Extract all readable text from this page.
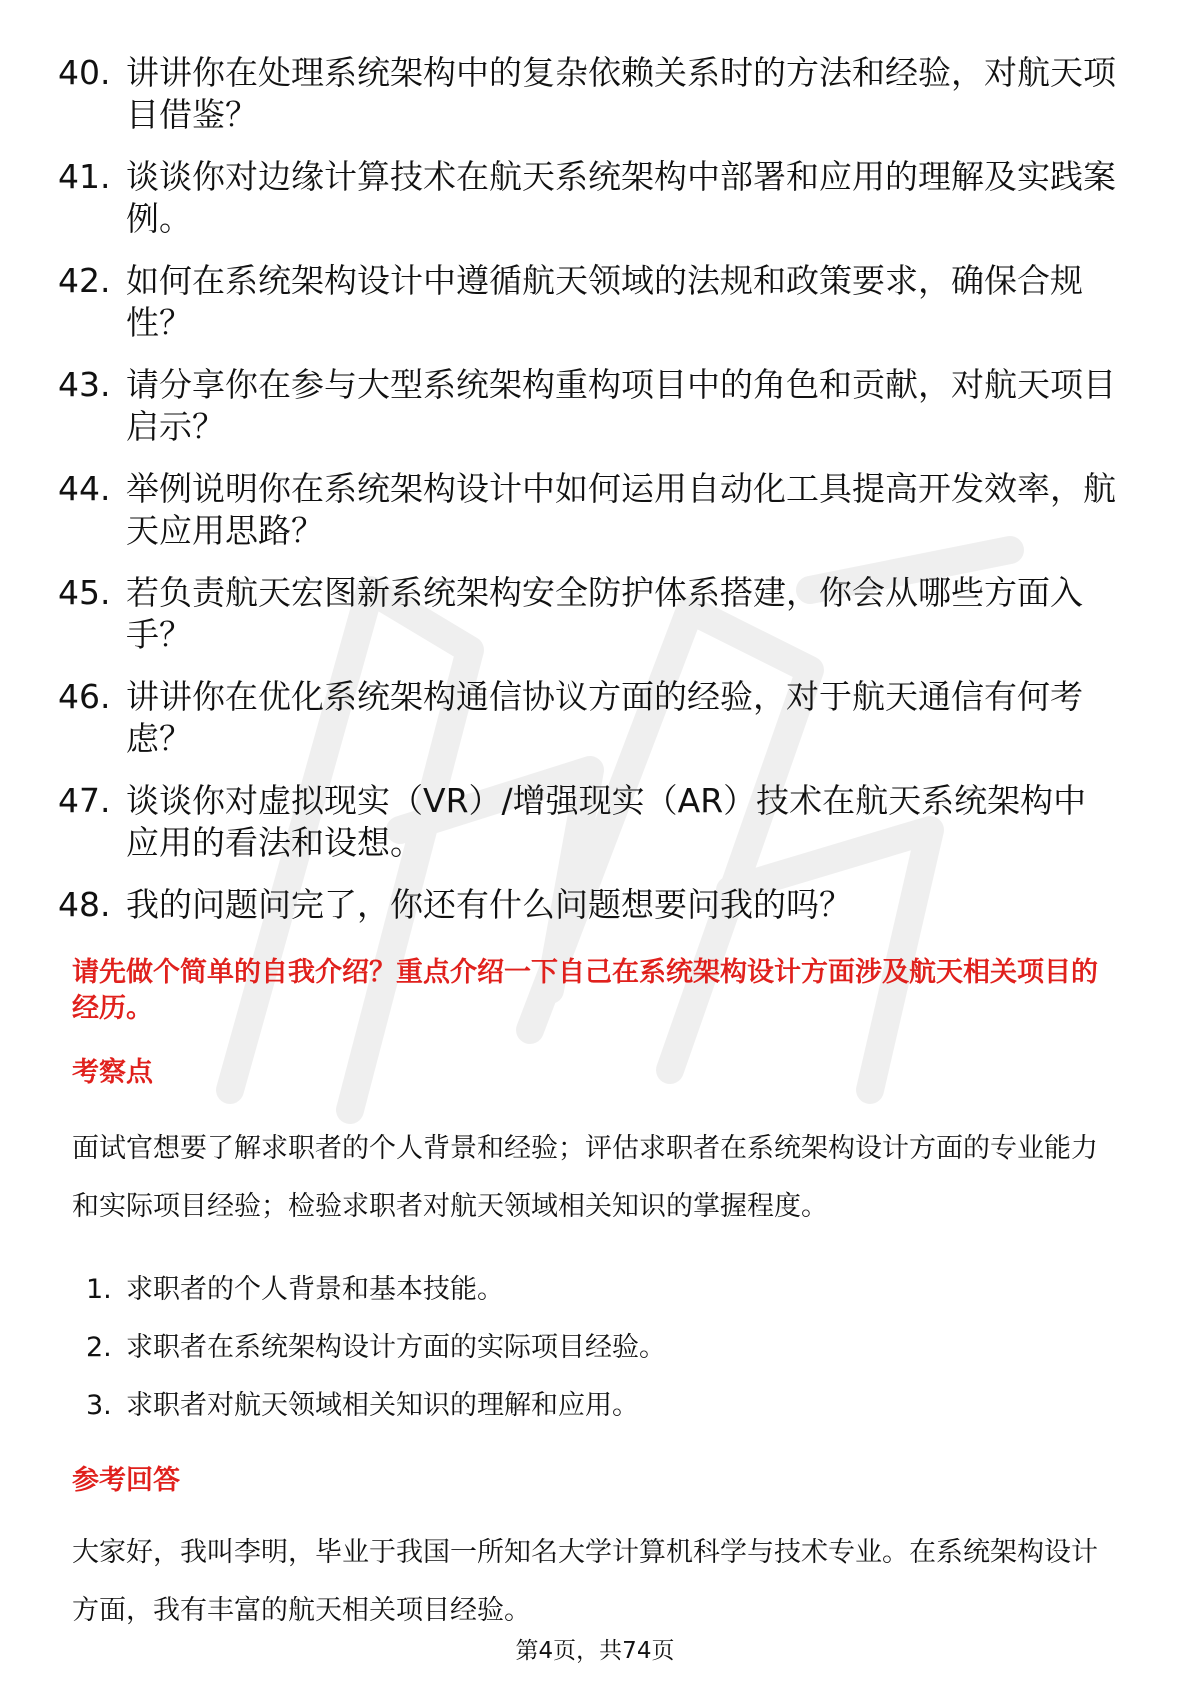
40. 讲讲你在处理系统架构中的复杂依赖关系时的方法和经验，对航天项目借鉴？
41. 谈谈你对边缘计算技术在航天系统架构中部署和应用的理解及实践案例。
42. 如何在系统架构设计中遵循航天领域的法规和政策要求，确保合规性？
43. 请分享你在参与大型系统架构重构项目中的角色和贡献，对航天项目启示？
44. 举例说明你在系统架构设计中如何运用自动化工具提高开发效率，航天应用思路？
45. 若负责航天宏图新系统架构安全防护体系搭建，你会从哪些方面入手？
46. 讲讲你在优化系统架构通信协议方面的经验，对于航天通信有何考虑？
47. 谈谈你对虚拟现实（VR）/增强现实（AR）技术在航天系统架构中应用的看法和设想。
48. 我的问题问完了，你还有什么问题想要问我的吗？
请先做个简单的自我介绍？重点介绍一下自己在系统架构设计方面涉及航天相关项目的经历。
考察点
面试官想要了解求职者的个人背景和经验；评估求职者在系统架构设计方面的专业能力和实际项目经验；检验求职者对航天领域相关知识的掌握程度。
1. 求职者的个人背景和基本技能。
2. 求职者在系统架构设计方面的实际项目经验。
3. 求职者对航天领域相关知识的理解和应用。
参考回答
大家好，我叫李明，毕业于我国一所知名大学计算机科学与技术专业。在系统架构设计方面，我有丰富的航天相关项目经验。
第4页，共74页
